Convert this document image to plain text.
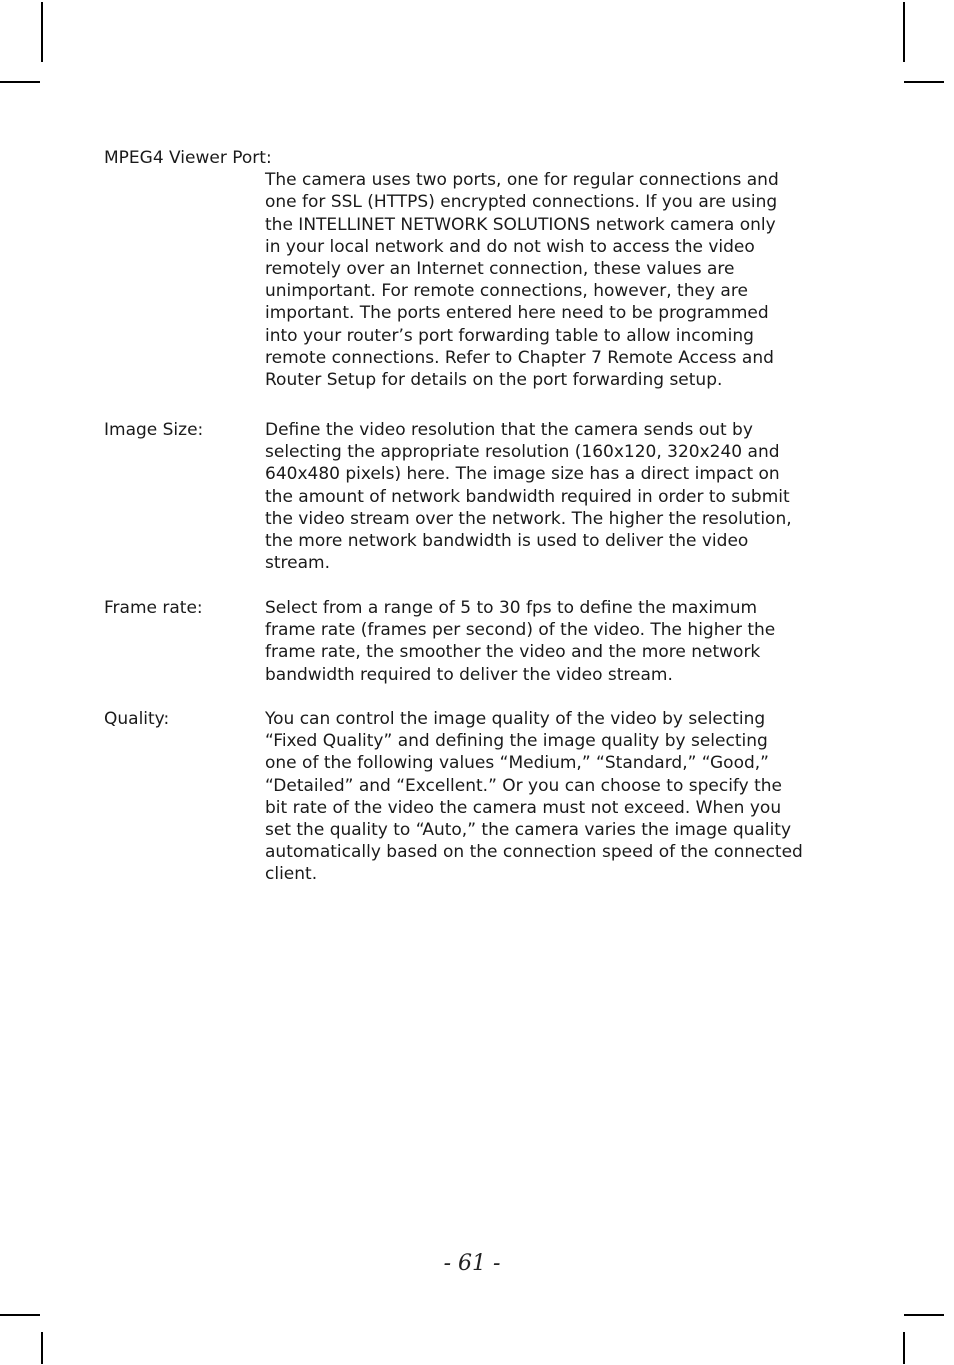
MPEG4 Viewer Port:
The camera uses two ports, one for regular connections and
one for SSL (HTTPS) encrypted connections. If you are using
the INTELLINET NETWORK SOLUTIONS network camera only
in your local network and do not wish to access the video
remotely over an Internet connection, these values are
unimportant. For remote connections, however, they are
important. The ports entered here need to be programmed
into your router’s port forwarding table to allow incoming
remote connections. Refer to Chapter 7 Remote Access and
Router Setup for details on the port forwarding setup.
Image Size:	Define the video resolution that the camera sends out by
selecting the appropriate resolution (160x120, 320x240 and
640x480 pixels) here. The image size has a direct impact on
the amount of network bandwidth required in order to submit
the video stream over the network. The higher the resolution,
the more network bandwidth is used to deliver the video
stream.
Frame rate:	Select from a range of 5 to 30 fps to define the maximum
frame rate (frames per second) of the video. The higher the
frame rate, the smoother the video and the more network
bandwidth required to deliver the video stream.
Quality:	You can control the image quality of the video by selecting
“Fixed Quality” and defining the image quality by selecting
one of the following values “Medium,” “Standard,” “Good,”
“Detailed” and “Excellent.” Or you can choose to specify the
bit rate of the video the camera must not exceed. When you
set the quality to “Auto,” the camera varies the image quality
automatically based on the connection speed of the connected
client.
- 61 -
